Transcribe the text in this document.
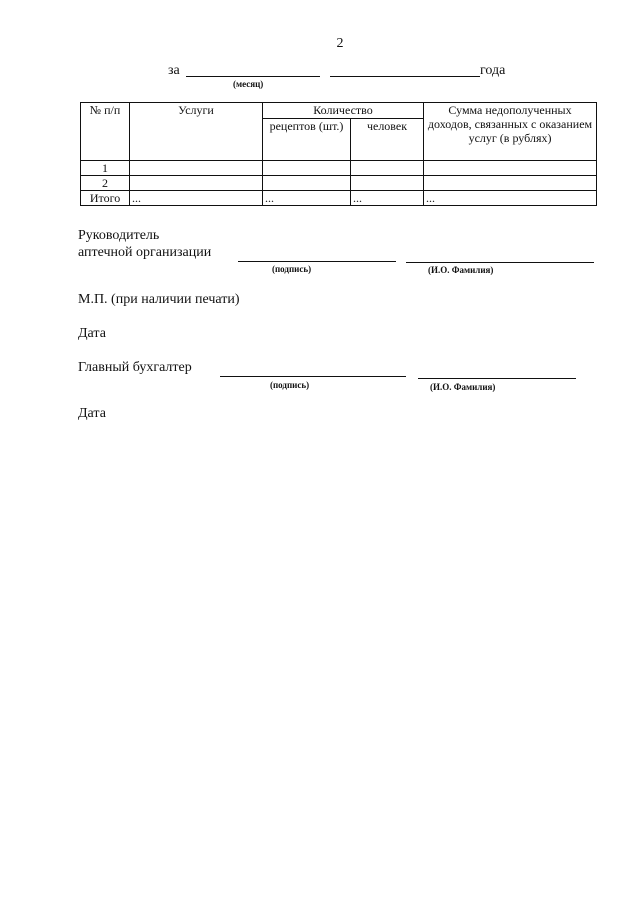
2
за
(месяц)
года
№ п/п	Услуги	Количество		Сумма недополученных доходов, связанных с оказанием услуг (в рублях)
		рецептов (шт.)	человек	
1				
2				
Итого	...	...	...	...
Руководитель
аптечной организации
(подпись)	(И.О. Фамилия)
М.П. (при наличии печати)
Дата
Главный бухгалтер
(подпись)	(И.О. Фамилия)
Дата
